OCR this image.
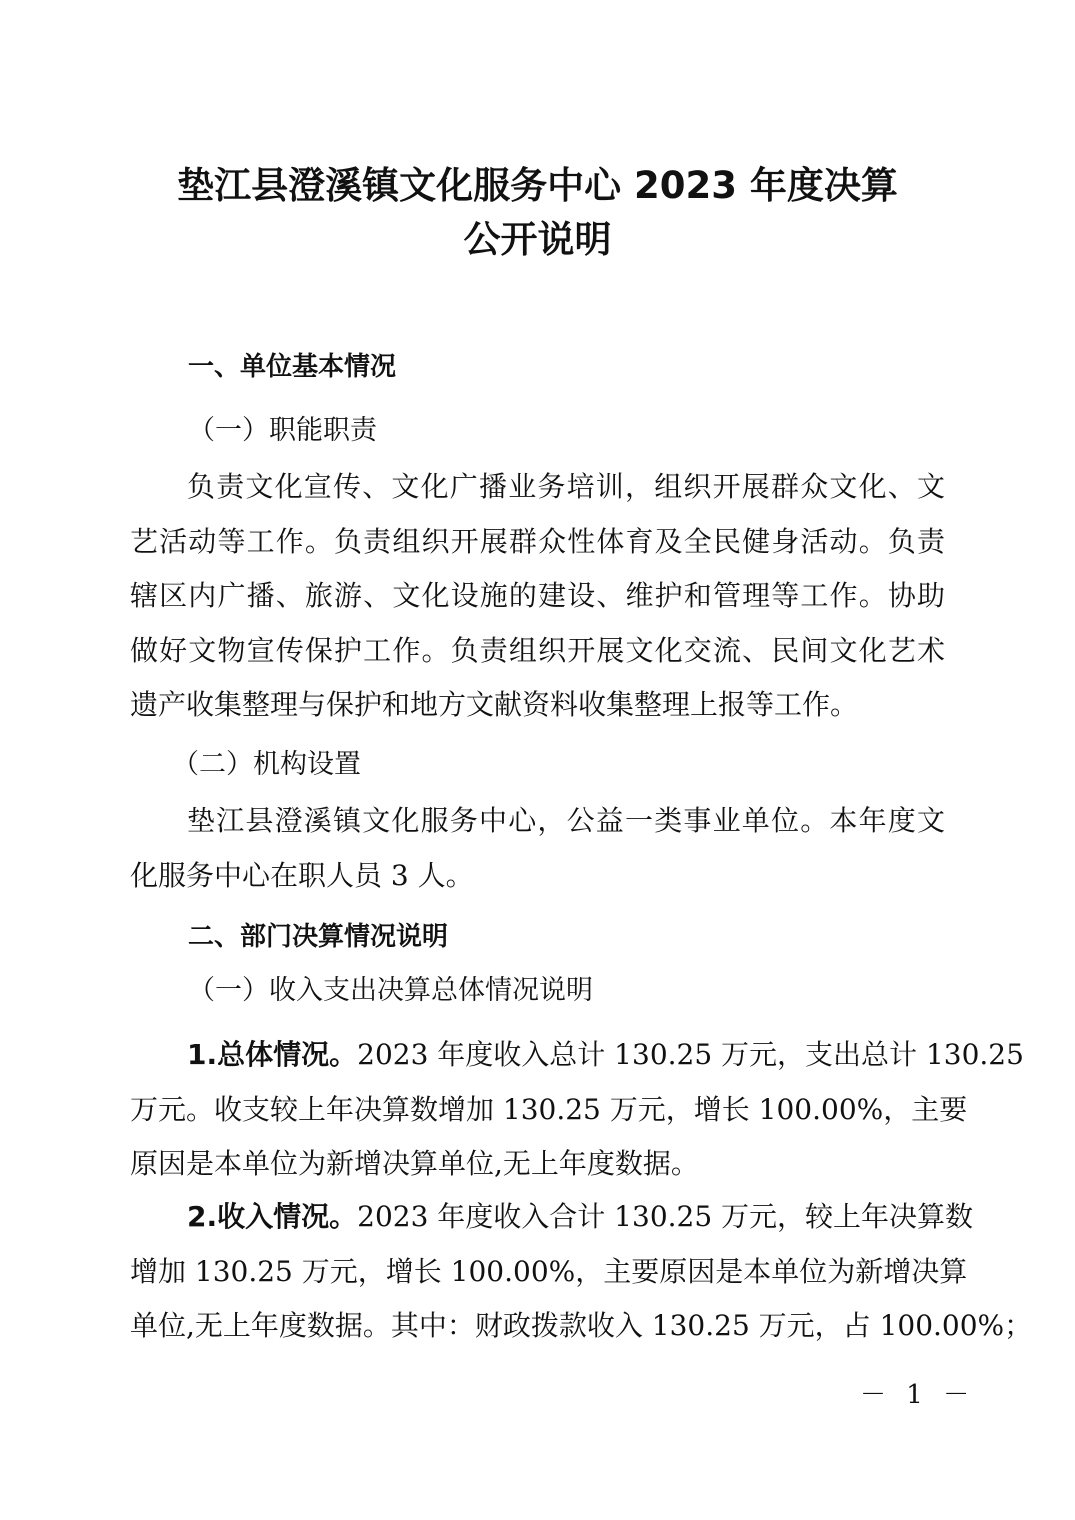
垫江县澄溪镇文化服务中心 2023 年度决算
公开说明
一、单位基本情况
（一）职能职责
负责文化宣传、文化广播业务培训，组织开展群众文化、文
艺活动等工作。负责组织开展群众性体育及全民健身活动。负责
辖区内广播、旅游、文化设施的建设、维护和管理等工作。协助
做好文物宣传保护工作。负责组织开展文化交流、民间文化艺术
遗产收集整理与保护和地方文献资料收集整理上报等工作。
（二）机构设置
垫江县澄溪镇文化服务中心，公益一类事业单位。本年度文
化服务中心在职人员 3 人。
二、部门决算情况说明
（一）收入支出决算总体情况说明
1.总体情况。2023 年度收入总计 130.25 万元，支出总计 130.25
万元。收支较上年决算数增加 130.25 万元，增长 100.00%，主要
原因是本单位为新增决算单位,无上年度数据。
2.收入情况。2023 年度收入合计 130.25 万元，较上年决算数
增加 130.25 万元，增长 100.00%，主要原因是本单位为新增决算
单位,无上年度数据。其中：财政拨款收入 130.25 万元，占 100.00%；
－ 1 －
